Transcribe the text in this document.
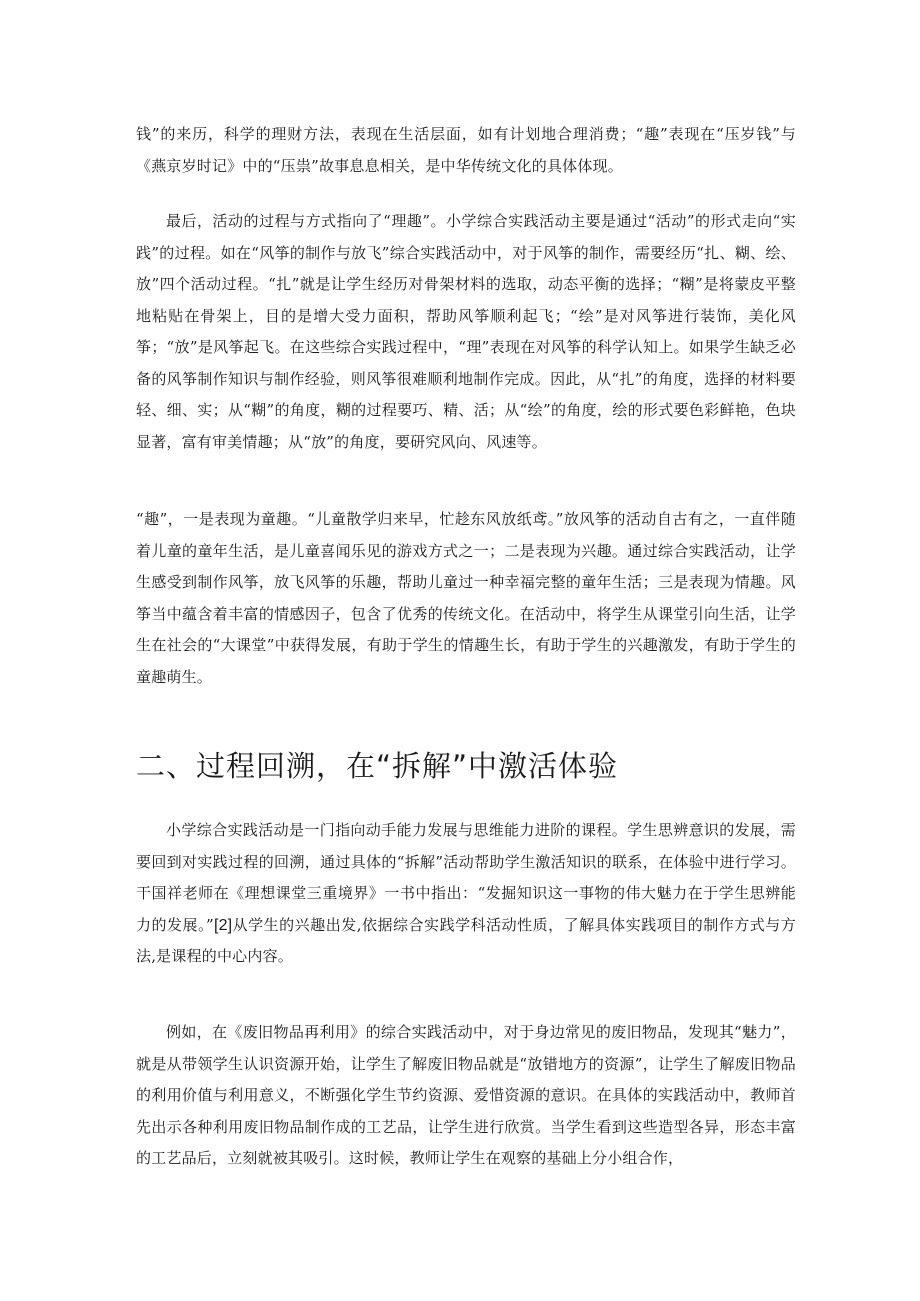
钱”的来历，科学的理财方法，表现在生活层面，如有计划地合理消费；“趣”表现在“压岁钱”与《燕京岁时记》中的“压祟”故事息息相关，是中华传统文化的具体体现。

最后，活动的过程与方式指向了“理趣”。小学综合实践活动主要是通过“活动”的形式走向“实践”的过程。如在“风筝的制作与放飞”综合实践活动中，对于风筝的制作，需要经历“扎、糊、绘、放”四个活动过程。“扎”就是让学生经历对骨架材料的选取，动态平衡的选择；“糊”是将蒙皮平整地粘贴在骨架上，目的是增大受力面积，帮助风筝顺利起飞；“绘”是对风筝进行装饰，美化风筝；“放”是风筝起飞。在这些综合实践过程中，“理”表现在对风筝的科学认知上。如果学生缺乏必备的风筝制作知识与制作经验，则风筝很难顺利地制作完成。因此，从“扎”的角度，选择的材料要轻、细、实；从“糊”的角度，糊的过程要巧、精、活；从“绘”的角度，绘的形式要色彩鲜艳，色块显著，富有审美情趣；从“放”的角度，要研究风向、风速等。

“趣”，一是表现为童趣。“儿童散学归来早，忙趁东风放纸鸢。”放风筝的活动自古有之，一直伴随着儿童的童年生活，是儿童喜闻乐见的游戏方式之一；二是表现为兴趣。通过综合实践活动，让学生感受到制作风筝，放飞风筝的乐趣，帮助儿童过一种幸福完整的童年生活；三是表现为情趣。风筝当中蕴含着丰富的情感因子，包含了优秀的传统文化。在活动中，将学生从课堂引向生活，让学生在社会的“大课堂”中获得发展，有助于学生的情趣生长，有助于学生的兴趣激发，有助于学生的童趣萌生。

二、过程回溯，在“拆解”中激活体验

小学综合实践活动是一门指向动手能力发展与思维能力进阶的课程。学生思辨意识的发展，需要回到对实践过程的回溯，通过具体的“拆解”活动帮助学生激活知识的联系，在体验中进行学习。干国祥老师在《理想课堂三重境界》一书中指出：“发掘知识这一事物的伟大魅力在于学生思辨能力的发展。”[2]从学生的兴趣出发,依据综合实践学科活动性质，了解具体实践项目的制作方式与方法,是课程的中心内容。

例如，在《废旧物品再利用》的综合实践活动中，对于身边常见的废旧物品，发现其“魅力”，就是从带领学生认识资源开始，让学生了解废旧物品就是“放错地方的资源”，让学生了解废旧物品的利用价值与利用意义，不断强化学生节约资源、爱惜资源的意识。在具体的实践活动中，教师首先出示各种利用废旧物品制作成的工艺品，让学生进行欣赏。当学生看到这些造型各异，形态丰富的工艺品后，立刻就被其吸引。这时候，教师让学生在观察的基础上分小组合作，
